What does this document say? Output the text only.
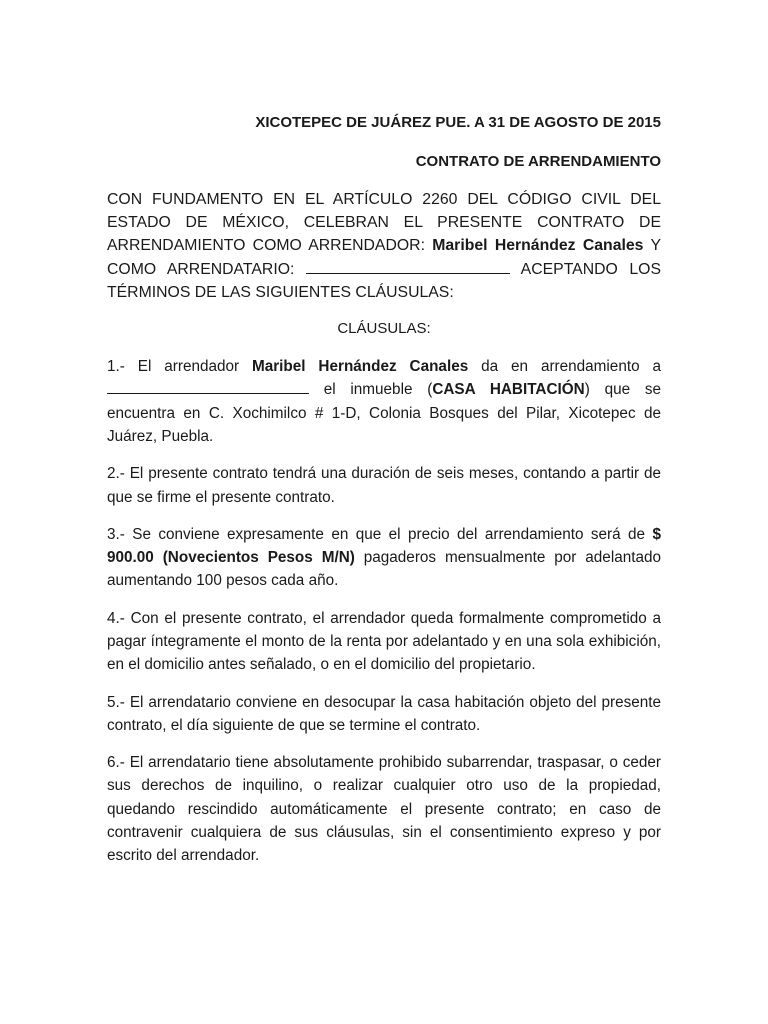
XICOTEPEC DE JUÁREZ PUE. A 31 DE AGOSTO DE 2015

CONTRATO DE ARRENDAMIENTO

CON FUNDAMENTO EN EL ARTÍCULO 2260 DEL CÓDIGO CIVIL DEL ESTADO DE MÉXICO, CELEBRAN EL PRESENTE CONTRATO DE ARRENDAMIENTO COMO ARRENDADOR: Maribel Hernández Canales Y COMO ARRENDATARIO:	ACEPTANDO LOS TÉRMINOS DE LAS SIGUIENTES CLÁUSULAS:

CLÁUSULAS:

1.- El arrendador Maribel Hernández Canales da en arrendamiento a  el inmueble (CASA HABITACIÓN) que se encuentra en C. Xochimilco # 1-D, Colonia Bosques del Pilar, Xicotepec de Juárez, Puebla.

2.- El presente contrato tendrá una duración de seis meses, contando a partir de que se firme el presente contrato.

3.- Se conviene expresamente en que el precio del arrendamiento será de $ 900.00 (Novecientos Pesos M/N) pagaderos mensualmente por adelantado aumentando 100 pesos cada año.

4.- Con el presente contrato, el arrendador queda formalmente comprometido a pagar íntegramente el monto de la renta por adelantado y en una sola exhibición, en el domicilio antes señalado, o en el domicilio del propietario.

5.- El arrendatario conviene en desocupar la casa habitación objeto del presente contrato, el día siguiente de que se termine el contrato.

6.- El arrendatario tiene absolutamente prohibido subarrendar, traspasar, o ceder sus derechos de inquilino, o realizar cualquier otro uso de la propiedad, quedando rescindido automáticamente el presente contrato; en caso de contravenir cualquiera de sus cláusulas, sin el consentimiento expreso y por escrito del arrendador.
